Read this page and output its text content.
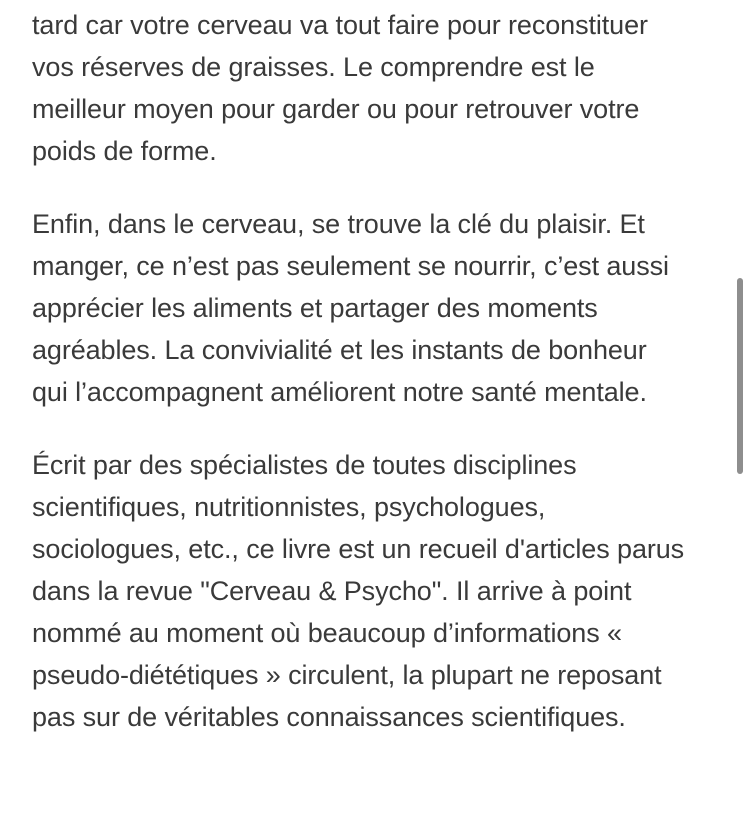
tard car votre cerveau va tout faire pour reconstituer
vos réserves de graisses. Le comprendre est le
meilleur moyen pour garder ou pour retrouver votre
poids de forme.

Enfin, dans le cerveau, se trouve la clé du plaisir. Et
manger, ce n’est pas seulement se nourrir, c’est aussi
apprécier les aliments et partager des moments
agréables. La convivialité et les instants de bonheur
qui l’accompagnent améliorent notre santé mentale.

Écrit par des spécialistes de toutes disciplines
scientifiques, nutritionnistes, psychologues,
sociologues, etc., ce livre est un recueil d'articles parus
dans la revue "Cerveau & Psycho". Il arrive à point
nommé au moment où beaucoup d’informations «
pseudo-diététiques » circulent, la plupart ne reposant
pas sur de véritables connaissances scientifiques.
